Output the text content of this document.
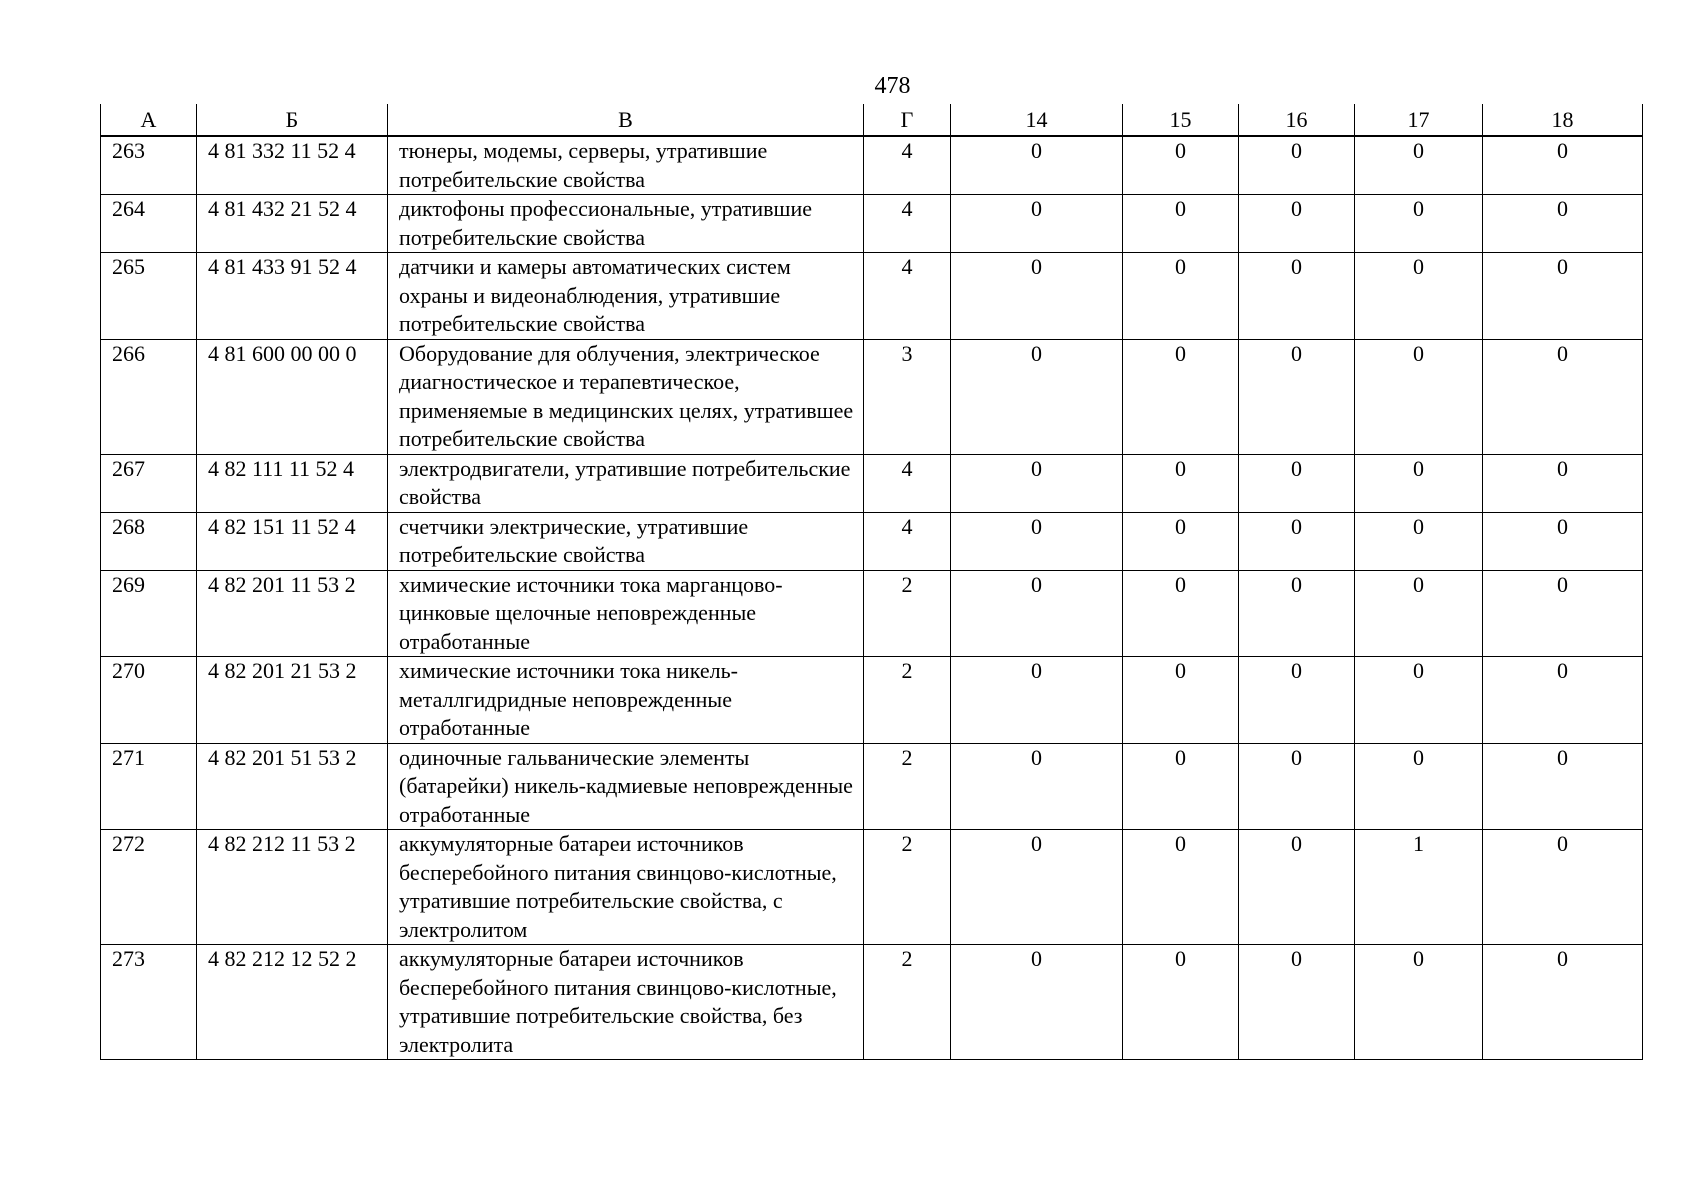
478
А	Б	В	Г	14	15	16	17	18
263	4 81 332 11 52 4	тюнеры, модемы, серверы, утратившие потребительские свойства	4	0	0	0	0	0
264	4 81 432 21 52 4	диктофоны профессиональные, утратившие потребительские свойства	4	0	0	0	0	0
265	4 81 433 91 52 4	датчики и камеры автоматических систем охраны и видеонаблюдения, утратившие потребительские свойства	4	0	0	0	0	0
266	4 81 600 00 00 0	Оборудование для облучения, электрическое диагностическое и терапевтическое, применяемые в медицинских целях, утратившее потребительские свойства	3	0	0	0	0	0
267	4 82 111 11 52 4	электродвигатели, утратившие потребительские свойства	4	0	0	0	0	0
268	4 82 151 11 52 4	счетчики электрические, утратившие потребительские свойства	4	0	0	0	0	0
269	4 82 201 11 53 2	химические источники тока марганцово-цинковые щелочные неповрежденные отработанные	2	0	0	0	0	0
270	4 82 201 21 53 2	химические источники тока никель-металлгидридные неповрежденные отработанные	2	0	0	0	0	0
271	4 82 201 51 53 2	одиночные гальванические элементы (батарейки) никель-кадмиевые неповрежденные отработанные	2	0	0	0	0	0
272	4 82 212 11 53 2	аккумуляторные батареи источников бесперебойного питания свинцово-кислотные, утратившие потребительские свойства, с электролитом	2	0	0	0	1	0
273	4 82 212 12 52 2	аккумуляторные батареи источников бесперебойного питания свинцово-кислотные, утратившие потребительские свойства, без электролита	2	0	0	0	0	0
